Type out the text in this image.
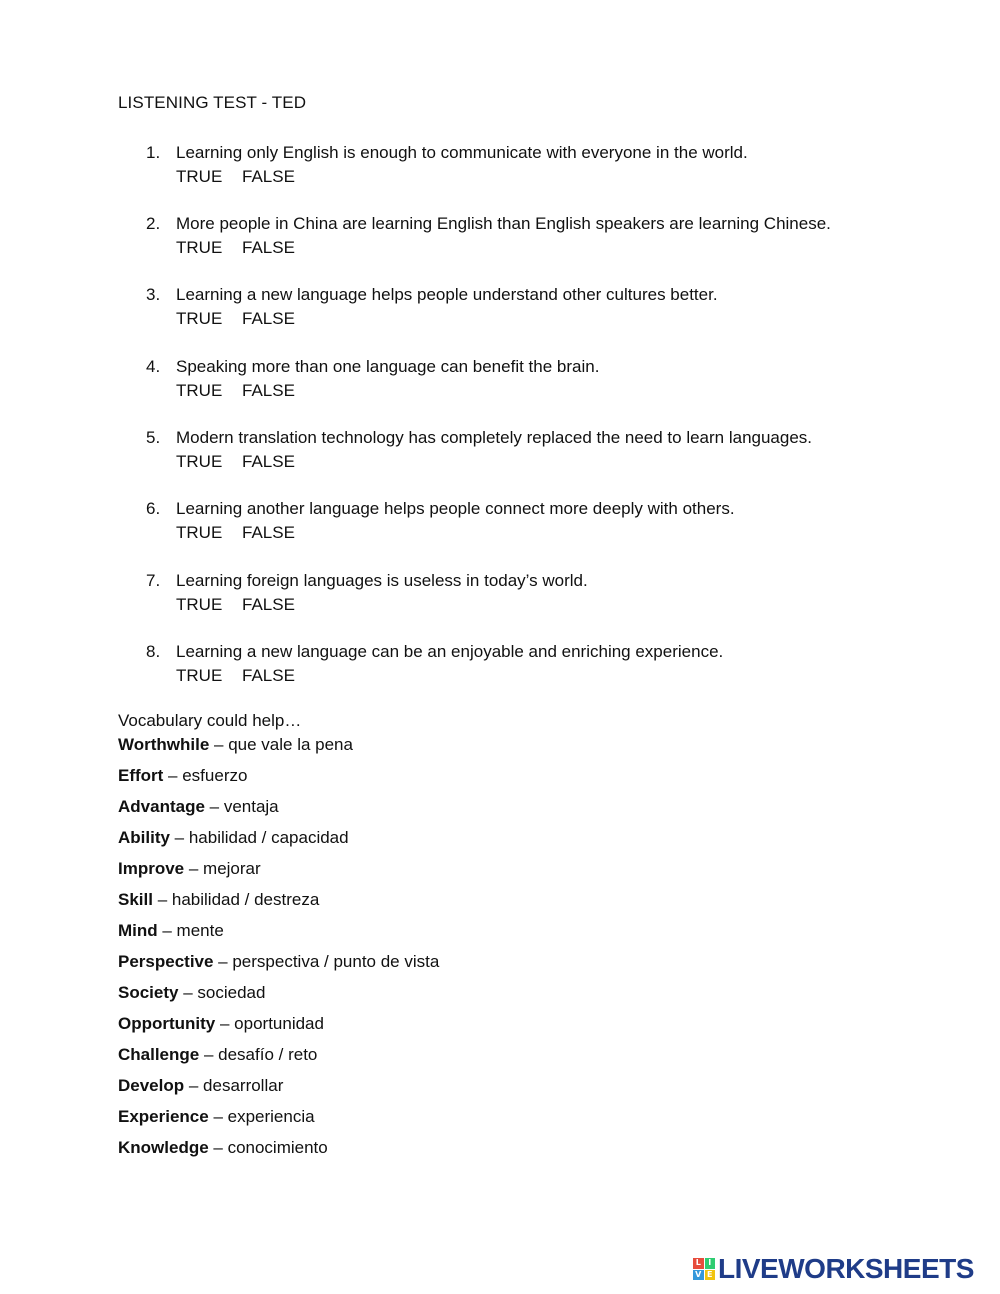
LISTENING TEST - TED
1. Learning only English is enough to communicate with everyone in the world.
TRUE FALSE
2. More people in China are learning English than English speakers are learning Chinese.
TRUE FALSE
3. Learning a new language helps people understand other cultures better.
TRUE FALSE
4. Speaking more than one language can benefit the brain.
TRUE FALSE
5. Modern translation technology has completely replaced the need to learn languages.
TRUE FALSE
6. Learning another language helps people connect more deeply with others.
TRUE FALSE
7. Learning foreign languages is useless in today’s world.
TRUE FALSE
8. Learning a new language can be an enjoyable and enriching experience.
TRUE FALSE
Vocabulary could help…
Worthwhile – que vale la pena
Effort – esfuerzo
Advantage – ventaja
Ability – habilidad / capacidad
Improve – mejorar
Skill – habilidad / destreza
Mind – mente
Perspective – perspectiva / punto de vista
Society – sociedad
Opportunity – oportunidad
Challenge – desafío / reto
Develop – desarrollar
Experience – experiencia
Knowledge – conocimiento
L I
V E LIVEWORKSHEETS
